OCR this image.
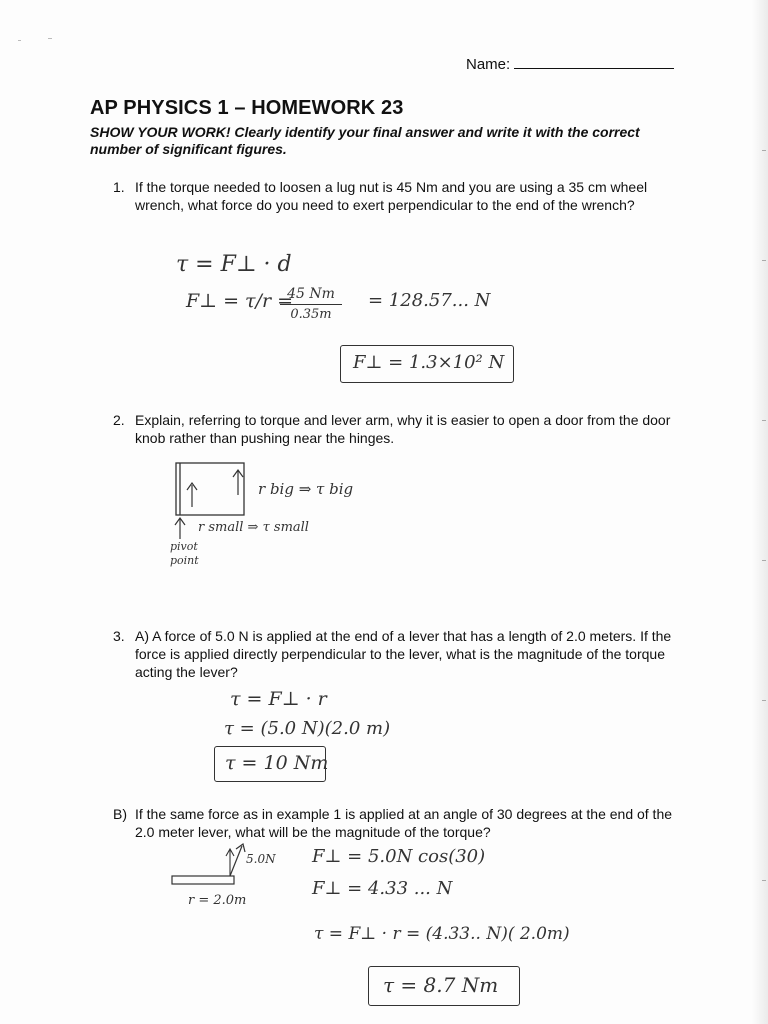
Name:
AP PHYSICS 1 – HOMEWORK 23
SHOW YOUR WORK! Clearly identify your final answer and write it with the correct number of significant figures.
1. If the torque needed to loosen a lug nut is 45 Nm and you are using a 35 cm wheel wrench, what force do you need to exert perpendicular to the end of the wrench?
τ = F⊥ · d
F⊥ = τ/r =
45 Nm
0.35m
= 128.57... N
F⊥ = 1.3×10² N
2. Explain, referring to torque and lever arm, why it is easier to open a door from the door knob rather than pushing near the hinges.
r big ⇒ τ big
r small ⇒ τ small
pivot point
3. A) A force of 5.0 N is applied at the end of a lever that has a length of 2.0 meters. If the force is applied directly perpendicular to the lever, what is the magnitude of the torque acting the lever?
τ = F⊥ · r
τ = (5.0 N)(2.0 m)
τ = 10 Nm
B) If the same force as in example 1 is applied at an angle of 30 degrees at the end of the 2.0 meter lever, what will be the magnitude of the torque?
5.0N
r = 2.0m
F⊥ = 5.0N cos(30)
F⊥ = 4.33 ... N
τ = F⊥ · r = (4.33.. N)( 2.0m)
τ = 8.7 Nm
